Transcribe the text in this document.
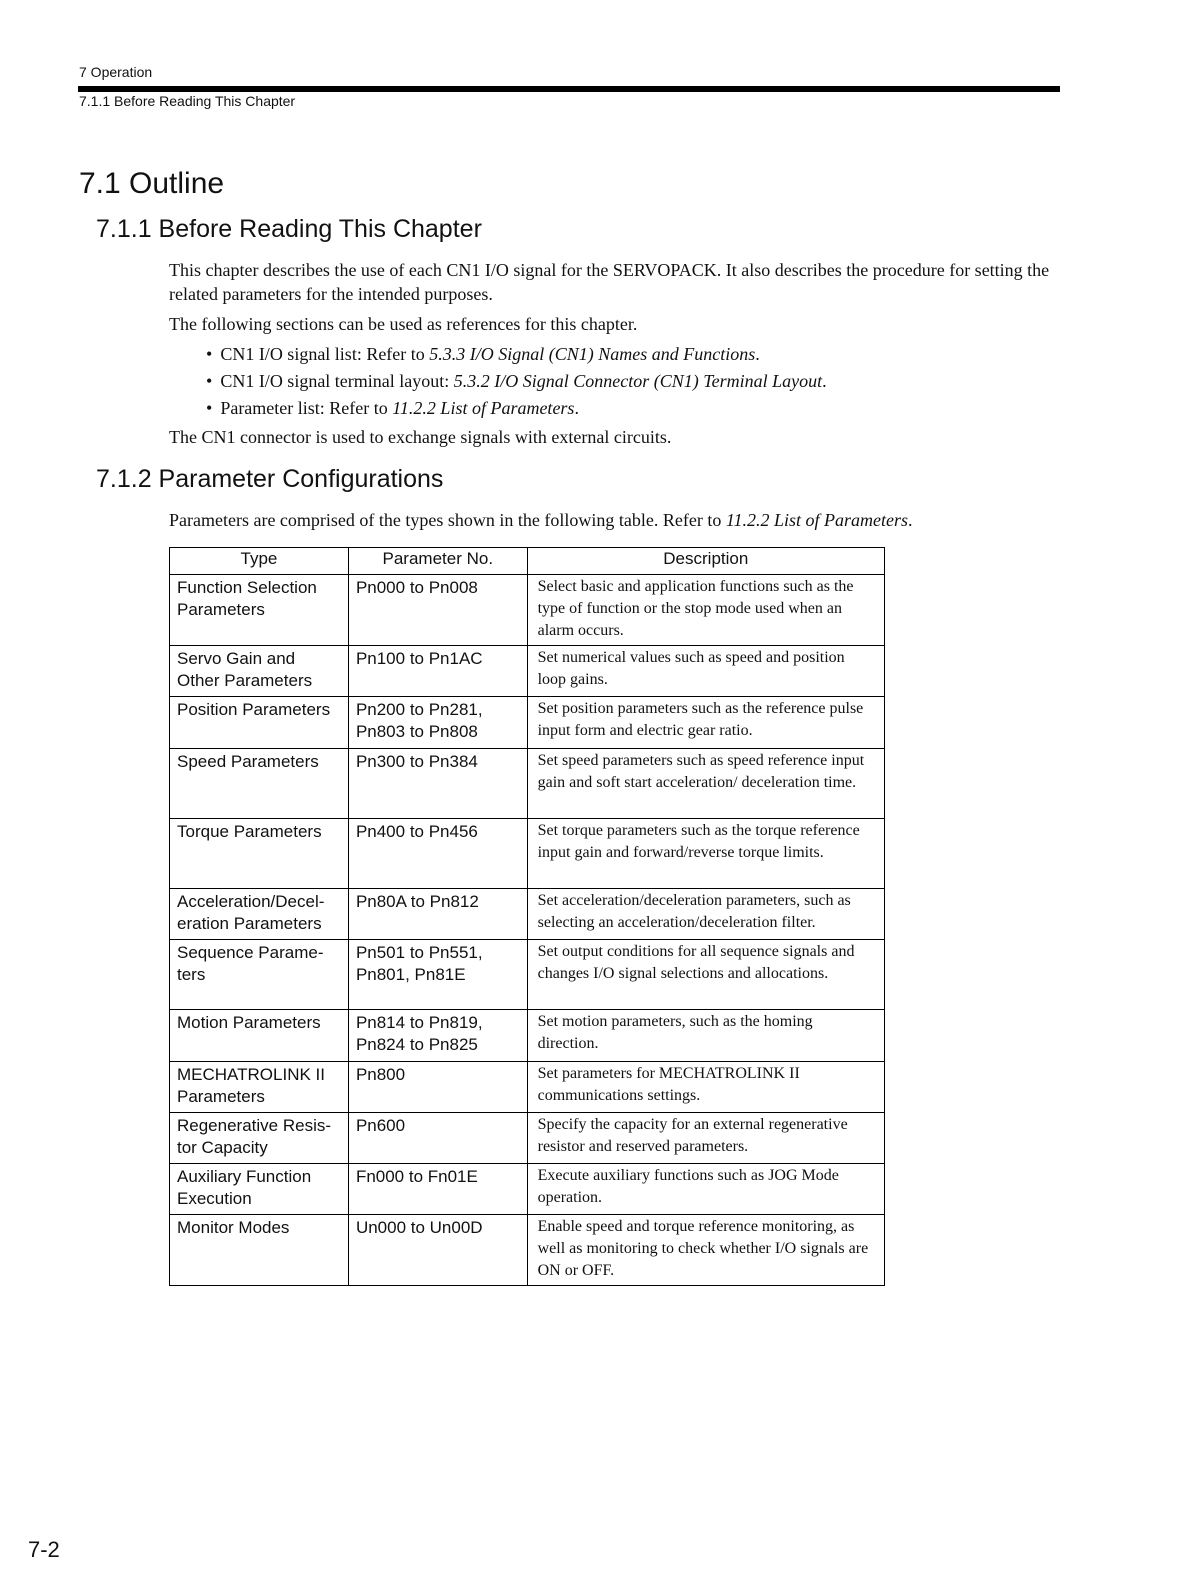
7 Operation
7.1.1 Before Reading This Chapter
7.1 Outline
7.1.1 Before Reading This Chapter

This chapter describes the use of each CN1 I/O signal for the SERVOPACK. It also describes the procedure for setting the related parameters for the intended purposes.

The following sections can be used as references for this chapter.

• CN1 I/O signal list: Refer to 5.3.3 I/O Signal (CN1) Names and Functions.
• CN1 I/O signal terminal layout: 5.3.2 I/O Signal Connector (CN1) Terminal Layout.
• Parameter list: Refer to 11.2.2 List of Parameters.

The CN1 connector is used to exchange signals with external circuits.

7.1.2 Parameter Configurations

Parameters are comprised of the types shown in the following table. Refer to 11.2.2 List of Parameters.

Type	Parameter No.	Description
Function Selection Parameters	Pn000 to Pn008	Select basic and application functions such as the type of function or the stop mode used when an alarm occurs.
Servo Gain and Other Parameters	Pn100 to Pn1AC	Set numerical values such as speed and position loop gains.
Position Parameters	Pn200 to Pn281, Pn803 to Pn808	Set position parameters such as the reference pulse input form and electric gear ratio.
Speed Parameters	Pn300 to Pn384	Set speed parameters such as speed reference input gain and soft start acceleration/ deceleration time.
Torque Parameters	Pn400 to Pn456	Set torque parameters such as the torque reference input gain and forward/reverse torque limits.
Acceleration/Decel-eration Parameters	Pn80A to Pn812	Set acceleration/deceleration parameters, such as selecting an acceleration/deceleration filter.
Sequence Parame-ters	Pn501 to Pn551, Pn801, Pn81E	Set output conditions for all sequence signals and changes I/O signal selections and allocations.
Motion Parameters	Pn814 to Pn819, Pn824 to Pn825	Set motion parameters, such as the homing direction.
MECHATROLINK II Parameters	Pn800	Set parameters for MECHATROLINK II communications settings.
Regenerative Resis-tor Capacity	Pn600	Specify the capacity for an external regenerative resistor and reserved parameters.
Auxiliary Function Execution	Fn000 to Fn01E	Execute auxiliary functions such as JOG Mode operation.
Monitor Modes	Un000 to Un00D	Enable speed and torque reference monitoring, as well as monitoring to check whether I/O signals are ON or OFF.
7-2
